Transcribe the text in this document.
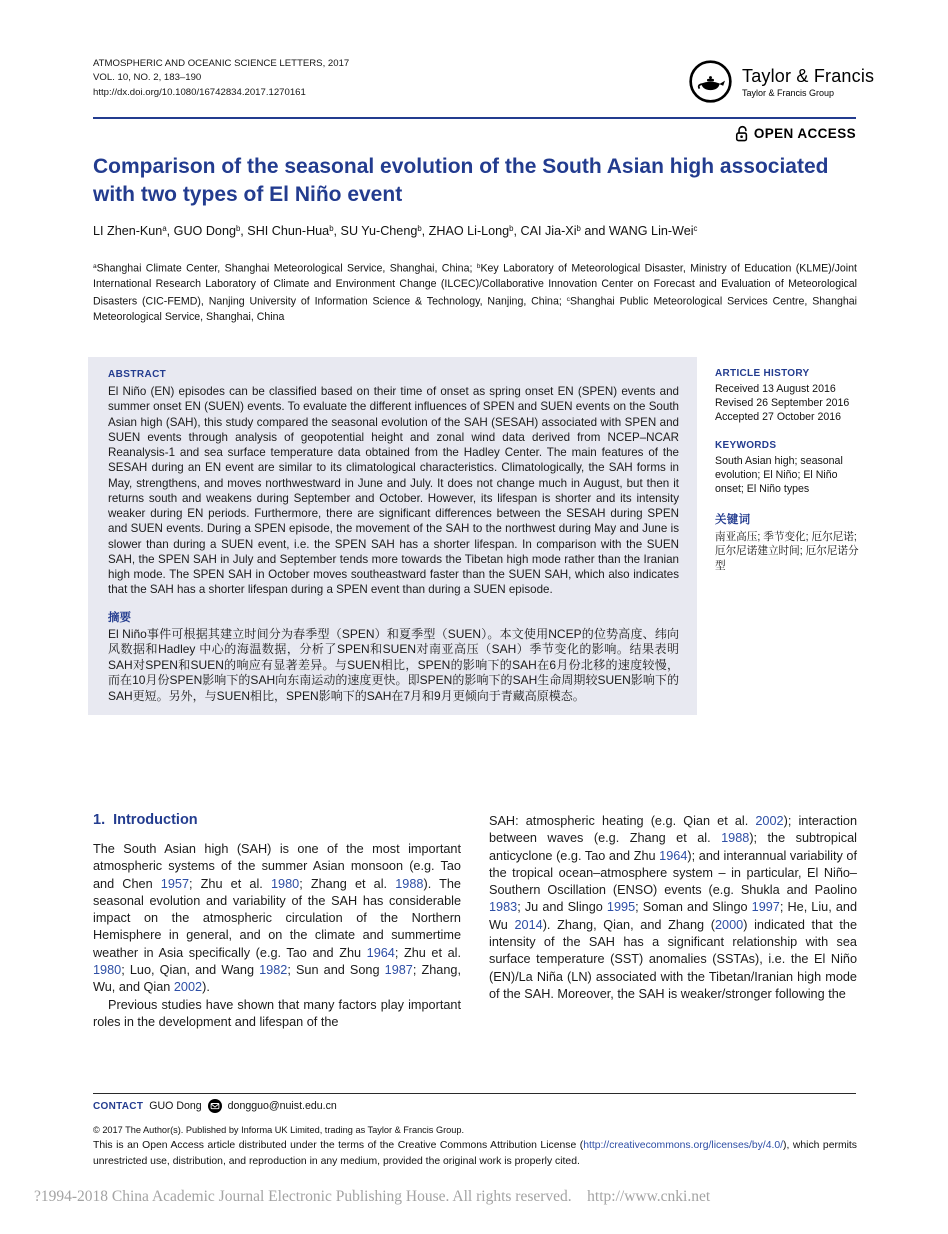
ATMOSPHERIC AND OCEANIC SCIENCE LETTERS, 2017
VOL. 10, NO. 2, 183–190
http://dx.doi.org/10.1080/16742834.2017.1270161
Taylor & Francis
Taylor & Francis Group
OPEN ACCESS
Comparison of the seasonal evolution of the South Asian high associated with two types of El Niño event
LI Zhen-Kun$^a$, GUO Dong$^b$, SHI Chun-Hua$^b$, SU Yu-Cheng$^b$, ZHAO Li-Long$^b$, CAI Jia-Xi$^b$ and WANG Lin-Wei$^c$
$^a$Shanghai Climate Center, Shanghai Meteorological Service, Shanghai, China; $^b$Key Laboratory of Meteorological Disaster, Ministry of Education (KLME)/Joint International Research Laboratory of Climate and Environment Change (ILCEC)/Collaborative Innovation Center on Forecast and Evaluation of Meteorological Disasters (CIC-FEMD), Nanjing University of Information Science & Technology, Nanjing, China; $^c$Shanghai Public Meteorological Services Centre, Shanghai Meteorological Service, Shanghai, China
ABSTRACT
El Niño (EN) episodes can be classified based on their time of onset as spring onset EN (SPEN) events and summer onset EN (SUEN) events. To evaluate the different influences of SPEN and SUEN events on the South Asian high (SAH), this study compared the seasonal evolution of the SAH (SESAH) associated with SPEN and SUEN events through analysis of geopotential height and zonal wind data derived from NCEP–NCAR Reanalysis-1 and sea surface temperature data obtained from the Hadley Center. The main features of the SESAH during an EN event are similar to its climatological characteristics. Climatologically, the SAH forms in May, strengthens, and moves northwestward in June and July. It does not change much in August, but then it returns south and weakens during September and October. However, its lifespan is shorter and its intensity weaker during EN periods. Furthermore, there are significant differences between the SESAH during SPEN and SUEN events. During a SPEN episode, the movement of the SAH to the northwest during May and June is slower than during a SUEN event, i.e. the SPEN SAH has a shorter lifespan. In comparison with the SUEN SAH, the SPEN SAH in July and September tends more towards the Tibetan high mode rather than the Iranian high mode. The SPEN SAH in October moves southeastward faster than the SUEN SAH, which also indicates that the SAH has a shorter lifespan during a SPEN event than during a SUEN episode.
摘要
El Niño事件可根据其建立时间分为春季型（SPEN）和夏季型（SUEN）。本文使用NCEP的位势高度、纬向风数据和Hadley 中心的海温数据，分析了SPEN和SUEN对南亚高压（SAH）季节变化的影响。结果表明SAH对SPEN和SUEN的响应有显著差异。与SUEN相比，SPEN的影响下的SAH在6月份北移的速度较慢，而在10月份SPEN影响下的SAH向东南运动的速度更快。即SPEN的影响下的SAH生命周期较SUEN影响下的SAH更短。另外，与SUEN相比，SPEN影响下的SAH在7月和9月更倾向于青藏高原模态。
ARTICLE HISTORY
Received 13 August 2016
Revised 26 September 2016
Accepted 27 October 2016
KEYWORDS
South Asian high; seasonal evolution; El Niño; El Niño onset; El Niño types
关键词
南亚高压; 季节变化; 厄尔尼诺; 厄尔尼诺建立时间; 厄尔尼诺分型
1. Introduction

The South Asian high (SAH) is one of the most important atmospheric systems of the summer Asian monsoon (e.g. Tao and Chen 1957; Zhu et al. 1980; Zhang et al. 1988). The seasonal evolution and variability of the SAH has considerable impact on the atmospheric circulation of the Northern Hemisphere in general, and on the climate and summertime weather in Asia specifically (e.g. Tao and Zhu 1964; Zhu et al. 1980; Luo, Qian, and Wang 1982; Sun and Song 1987; Zhang, Wu, and Qian 2002).

Previous studies have shown that many factors play important roles in the development and lifespan of the

SAH: atmospheric heating (e.g. Qian et al. 2002); interaction between waves (e.g. Zhang et al. 1988); the subtropical anticyclone (e.g. Tao and Zhu 1964); and interannual variability of the tropical ocean–atmosphere system – in particular, El Niño–Southern Oscillation (ENSO) events (e.g. Shukla and Paolino 1983; Ju and Slingo 1995; Soman and Slingo 1997; He, Liu, and Wu 2014). Zhang, Qian, and Zhang (2000) indicated that the intensity of the SAH has a significant relationship with sea surface temperature (SST) anomalies (SSTAs), i.e. the El Niño (EN)/La Niña (LN) associated with the Tibetan/Iranian high mode of the SAH. Moreover, the SAH is weaker/stronger following the

CONTACT GUO Dong dongguo@nuist.edu.cn
© 2017 The Author(s). Published by Informa UK Limited, trading as Taylor & Francis Group.
This is an Open Access article distributed under the terms of the Creative Commons Attribution License (http://creativecommons.org/licenses/by/4.0/), which permits unrestricted use, distribution, and reproduction in any medium, provided the original work is properly cited.
?1994-2018 China Academic Journal Electronic Publishing House. All rights reserved.    http://www.cnki.net
